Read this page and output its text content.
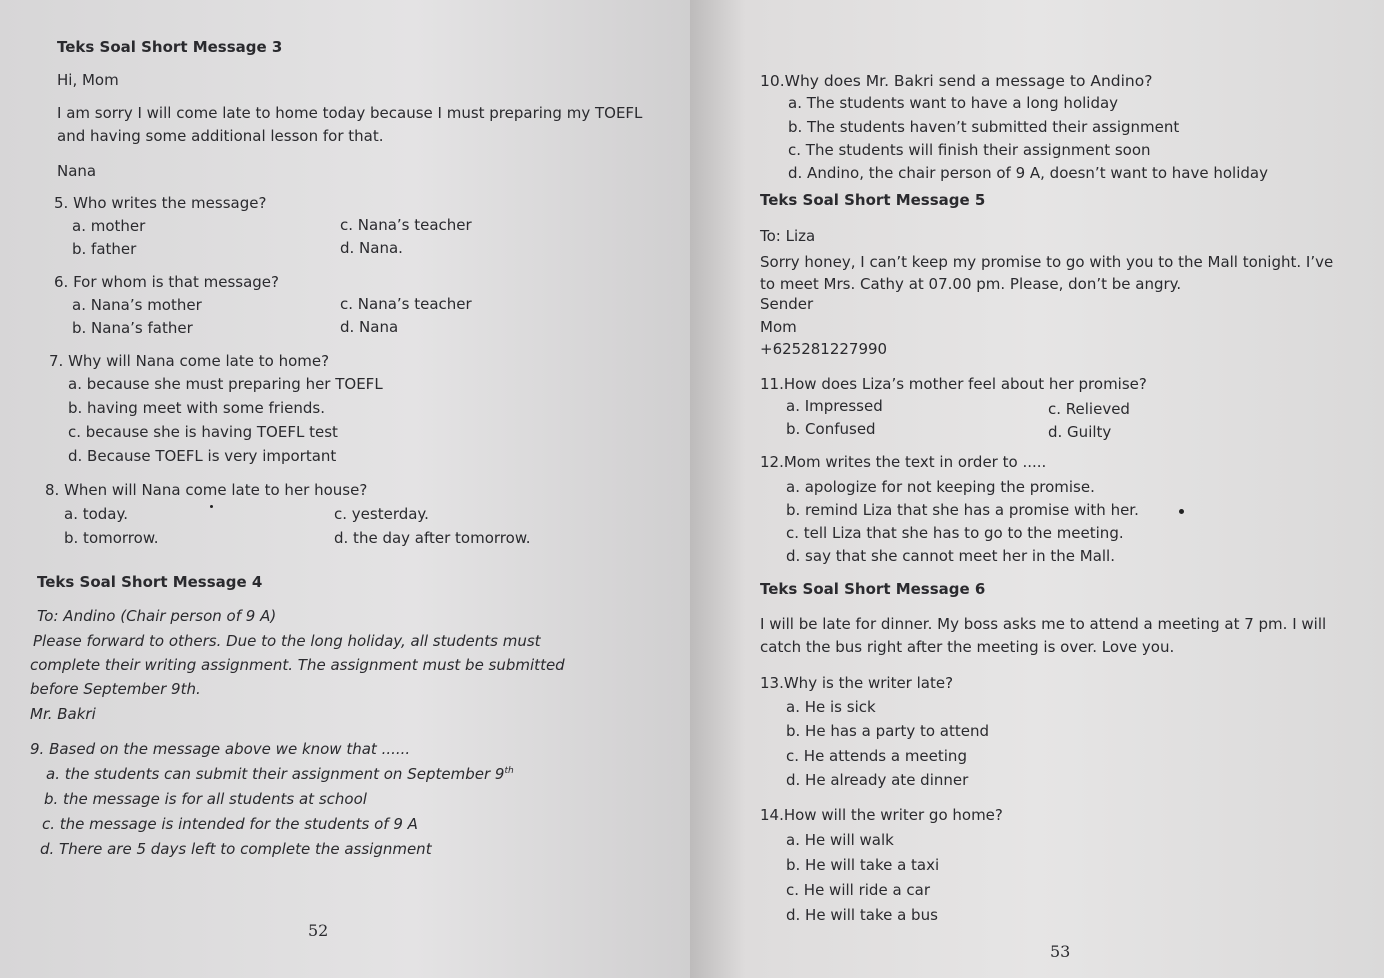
Teks Soal Short Message 3
Hi, Mom
I am sorry I will come late to home today because I must preparing my TOEFL
and having some additional lesson for that.
Nana
5. Who writes the message?
a. mother
b. father
c. Nana’s teacher
d. Nana.
6. For whom is that message?
a. Nana’s mother
b. Nana’s father
c. Nana’s teacher
d. Nana
7. Why will Nana come late to home?
a. because she must preparing her TOEFL
b. having meet with some friends.
c. because she is having TOEFL test
d. Because TOEFL is very important
8. When will Nana come late to her house?
a. today.
b. tomorrow.
c. yesterday.
d. the day after tomorrow.
Teks Soal Short Message 4
To: Andino (Chair person of 9 A)
Please forward to others. Due to the long holiday, all students must
complete their writing assignment. The assignment must be submitted
before September 9th.
Mr. Bakri
9. Based on the message above we know that ......
a. the students can submit their assignment on September 9th
b. the message is for all students at school
c. the message is intended for the students of 9 A
d. There are 5 days left to complete the assignment
52
10.Why does Mr. Bakri send a message to Andino?
a. The students want to have a long holiday
b. The students haven’t submitted their assignment
c. The students will finish their assignment soon
d. Andino, the chair person of 9 A, doesn’t want to have holiday
Teks Soal Short Message 5
To: Liza
Sorry honey, I can’t keep my promise to go with you to the Mall tonight. I’ve
to meet Mrs. Cathy at 07.00 pm. Please, don’t be angry.
Sender
Mom
+625281227990
11.How does Liza’s mother feel about her promise?
a. Impressed
b. Confused
c. Relieved
d. Guilty
12.Mom writes the text in order to .....
a. apologize for not keeping the promise.
b. remind Liza that she has a promise with her.
c. tell Liza that she has to go to the meeting.
d. say that she cannot meet her in the Mall.
Teks Soal Short Message 6
I will be late for dinner. My boss asks me to attend a meeting at 7 pm. I will
catch the bus right after the meeting is over. Love you.
13.Why is the writer late?
a. He is sick
b. He has a party to attend
c. He attends a meeting
d. He already ate dinner
14.How will the writer go home?
a. He will walk
b. He will take a taxi
c. He will ride a car
d. He will take a bus
53
